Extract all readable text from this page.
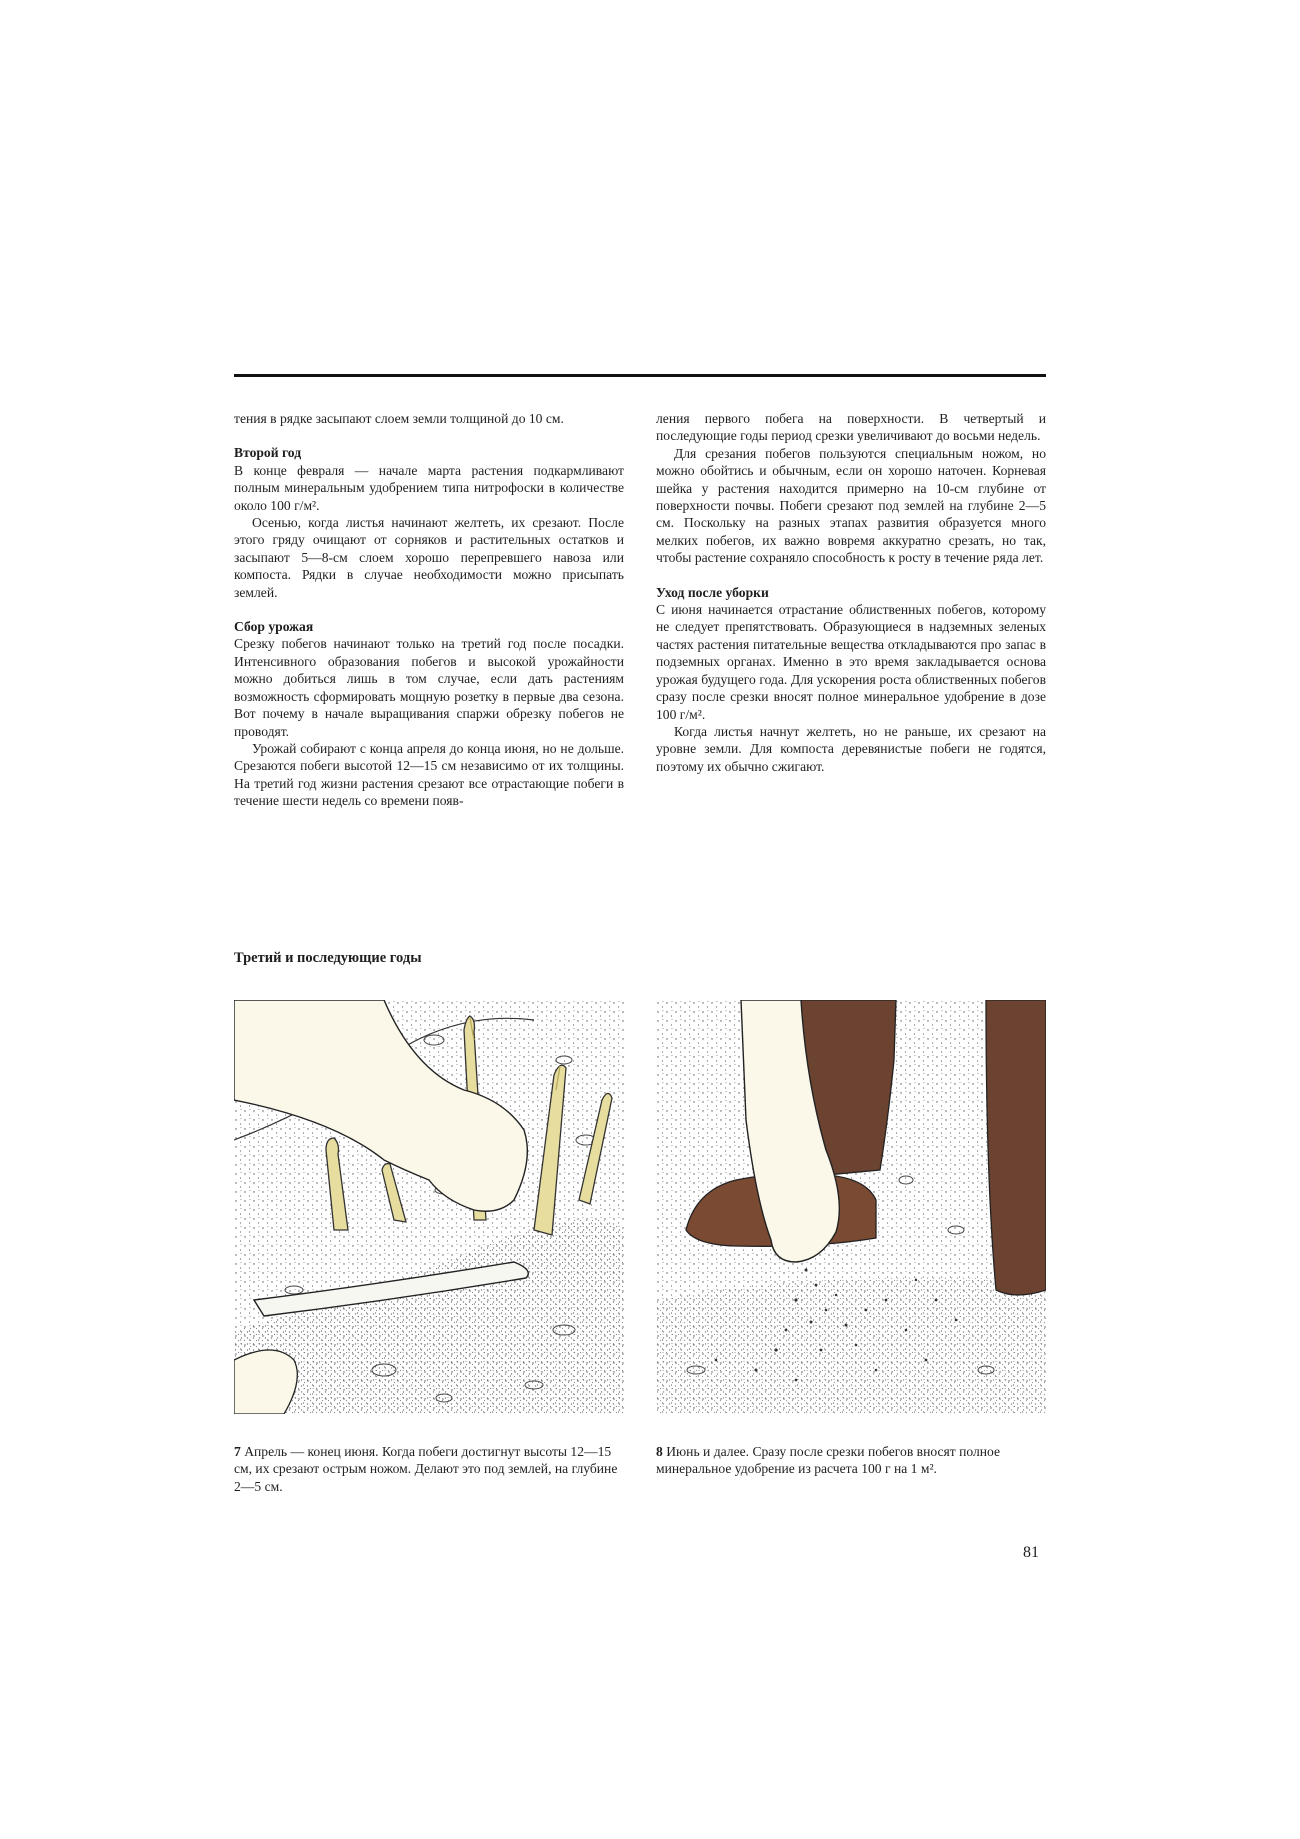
тения в рядке засыпают слоем земли толщиной до 10 см.

Второй год

В конце февраля — начале марта растения подкармливают полным минеральным удобрением типа нитрофоски в количестве около 100 г/м².

Осенью, когда листья начинают желтеть, их срезают. После этого гряду очищают от сорняков и растительных остатков и засыпают 5—8-см слоем хорошо перепревшего навоза или компоста. Рядки в случае необходимости можно присыпать землей.

Сбор урожая

Срезку побегов начинают только на третий год после посадки. Интенсивного образования побегов и высокой урожайности можно добиться лишь в том случае, если дать растениям возможность сформировать мощную розетку в первые два сезона. Вот почему в начале выращивания спаржи обрезку побегов не проводят.

Урожай собирают с конца апреля до конца июня, но не дольше. Срезаются побеги высотой 12—15 см независимо от их толщины. На третий год жизни растения срезают все отрастающие побеги в течение шести недель со времени появ-

ления первого побега на поверхности. В четвертый и последующие годы период срезки увеличивают до восьми недель.

Для срезания побегов пользуются специальным ножом, но можно обойтись и обычным, если он хорошо наточен. Корневая шейка у растения находится примерно на 10-см глубине от поверхности почвы. Побеги срезают под землей на глубине 2—5 см. Поскольку на разных этапах развития образуется много мелких побегов, их важно вовремя аккуратно срезать, но так, чтобы растение сохраняло способность к росту в течение ряда лет.

Уход после уборки

С июня начинается отрастание облиственных побегов, которому не следует препятствовать. Образующиеся в надземных зеленых частях растения питательные вещества откладываются про запас в подземных органах. Именно в это время закладывается основа урожая будущего года. Для ускорения роста облиственных побегов сразу после срезки вносят полное минеральное удобрение в дозе 100 г/м².

Когда листья начнут желтеть, но не раньше, их срезают на уровне земли. Для компоста деревянистые побеги не годятся, поэтому их обычно сжигают.

Третий и последующие годы
7 Апрель — конец июня. Когда побеги достигнут высоты 12—15 см, их срезают острым ножом. Делают это под землей, на глубине 2—5 см.
8 Июнь и далее. Сразу после срезки побегов вносят полное минеральное удобрение из расчета 100 г на 1 м².
81
